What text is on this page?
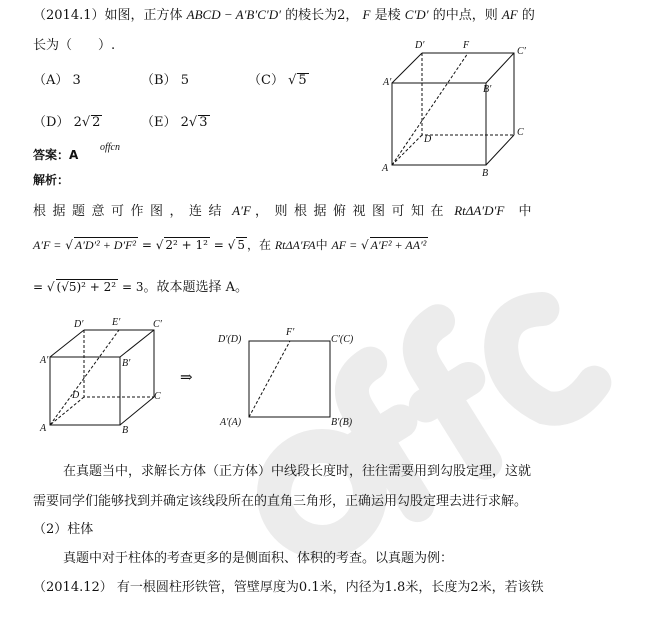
offcn
（2014.1）如图，正方体 ABCD − A′B′C′D′ 的棱长为2， F 是棱 C′D′ 的中点，则 AF 的
长为（　　）.
（A） 3	（B） 5	（C） √ 5
（D） 2√ 2	（E） 2√ 3
答案：A
解析：
D′	F
C′
A′
B′
D
C
A	B
根据题意可作图，连结 A′F ，则根据俯视图可知在 RtΔA′D′F 中
A′F = √ A′D′² + D′F² = √ 2² + 1² = √ 5 ，在 RtΔA′FA中 AF = √ A′F² + AA′²
= √ (√5)² + 2² = 3。故本题选择 A。
D′	E′	C′
A′	B′
D	C
A	B
⇒
D′(D)
F′
C′(C)
A′(A)	B′(B)
在真题当中，求解长方体（正方体）中线段长度时，往往需要用到勾股定理，这就
需要同学们能够找到并确定该线段所在的直角三角形，正确运用勾股定理去进行求解。
（2）柱体
真题中对于柱体的考查更多的是侧面积、体积的考查。以真题为例：
（2014.12） 有一根圆柱形铁管，管壁厚度为0.1米，内径为1.8米，长度为2米，若该铁
